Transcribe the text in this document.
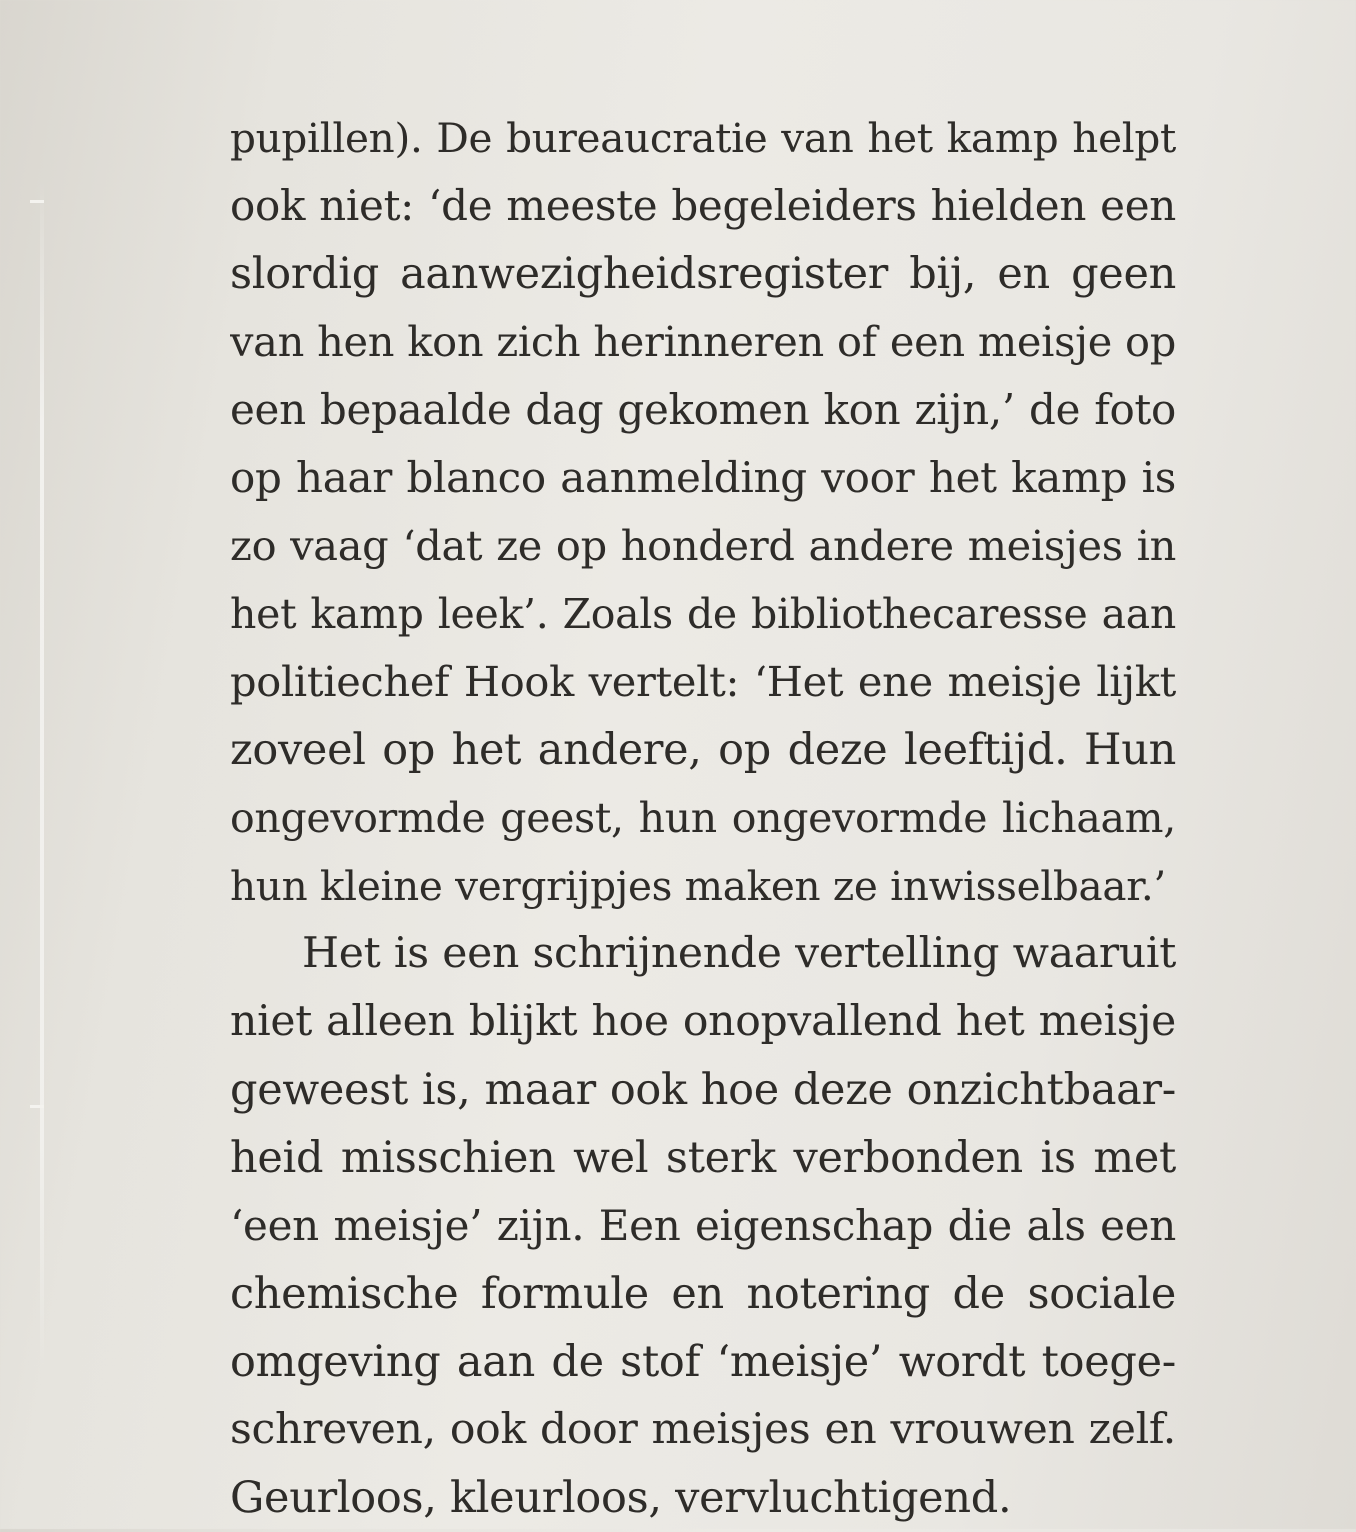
pupillen). De bureaucratie van het kamp helpt
ook niet: ‘de meeste begeleiders hielden een
slordig aanwezigheidsregister bij, en geen
van hen kon zich herinneren of een meisje op
een bepaalde dag gekomen kon zijn,’ de foto
op haar blanco aanmelding voor het kamp is
zo vaag ‘dat ze op honderd andere meisjes in
het kamp leek’. Zoals de bibliothecaresse aan
politiechef Hook vertelt: ‘Het ene meisje lijkt
zoveel op het andere, op deze leeftijd. Hun
ongevormde geest, hun ongevormde lichaam,
hun kleine vergrijpjes maken ze inwisselbaar.’
Het is een schrijnende vertelling waaruit
niet alleen blijkt hoe onopvallend het meisje
geweest is, maar ook hoe deze onzichtbaar-
heid misschien wel sterk verbonden is met
‘een meisje’ zijn. Een eigenschap die als een
chemische formule en notering de sociale
omgeving aan de stof ‘meisje’ wordt toege-
schreven, ook door meisjes en vrouwen zelf.
Geurloos, kleurloos, vervluchtigend.
